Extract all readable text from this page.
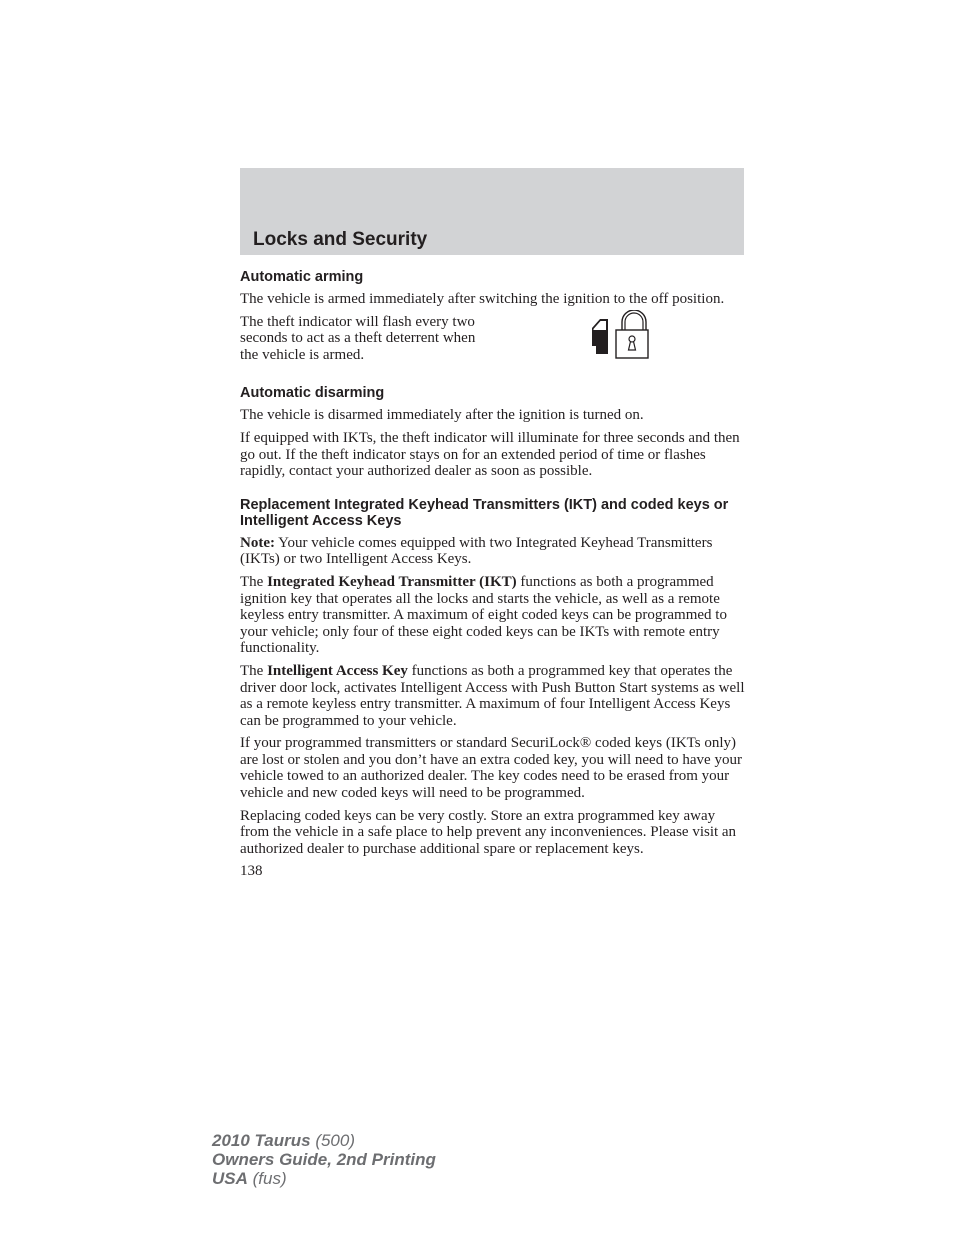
Locks and Security
Automatic arming

The vehicle is armed immediately after switching the ignition to the off position.

The theft indicator will flash every two seconds to act as a theft deterrent when the vehicle is armed.

Automatic disarming

The vehicle is disarmed immediately after the ignition is turned on.

If equipped with IKTs, the theft indicator will illuminate for three seconds and then go out. If the theft indicator stays on for an extended period of time or flashes rapidly, contact your authorized dealer as soon as possible.

Replacement Integrated Keyhead Transmitters (IKT) and coded keys or Intelligent Access Keys

Note: Your vehicle comes equipped with two Integrated Keyhead Transmitters (IKTs) or two Intelligent Access Keys.

The Integrated Keyhead Transmitter (IKT) functions as both a programmed ignition key that operates all the locks and starts the vehicle, as well as a remote keyless entry transmitter. A maximum of eight coded keys can be programmed to your vehicle; only four of these eight coded keys can be IKTs with remote entry functionality.

The Intelligent Access Key functions as both a programmed key that operates the driver door lock, activates Intelligent Access with Push Button Start systems as well as a remote keyless entry transmitter. A maximum of four Intelligent Access Keys can be programmed to your vehicle.

If your programmed transmitters or standard SecuriLock® coded keys (IKTs only) are lost or stolen and you don’t have an extra coded key, you will need to have your vehicle towed to an authorized dealer. The key codes need to be erased from your vehicle and new coded keys will need to be programmed.

Replacing coded keys can be very costly. Store an extra programmed key away from the vehicle in a safe place to help prevent any inconveniences. Please visit an authorized dealer to purchase additional spare or replacement keys.

138

2010 Taurus (500)
Owners Guide, 2nd Printing
USA (fus)
